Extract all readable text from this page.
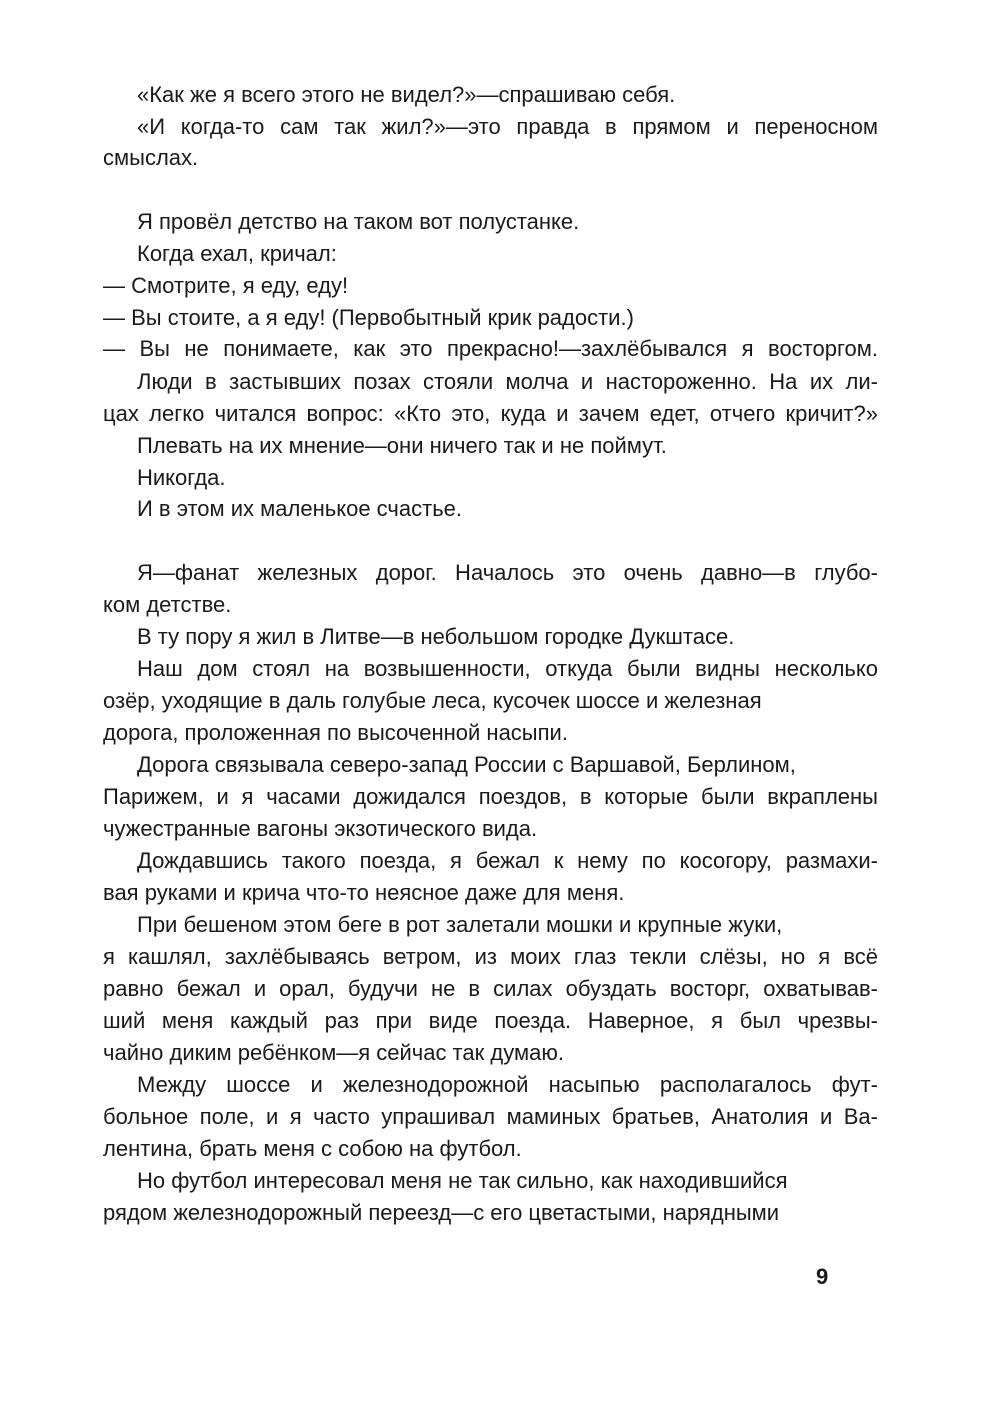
«Как же я всего этого не видел?»—спрашиваю себя.
«И когда-то сам так жил?»—это правда в прямом и переносном
смыслах.
Я провёл детство на таком вот полустанке.
Когда ехал, кричал:
— Смотрите, я еду, еду!
— Вы стоите, а я еду! (Первобытный крик радости.)
— Вы не понимаете, как это прекрасно!—захлёбывался я восторгом.
Люди в застывших позах стояли молча и настороженно. На их ли-
цах легко читался вопрос: «Кто это, куда и зачем едет, отчего кричит?»
Плевать на их мнение—они ничего так и не поймут.
Никогда.
И в этом их маленькое счастье.
Я—фанат железных дорог. Началось это очень давно—в глубо-
ком детстве.
В ту пору я жил в Литве—в небольшом городке Дукштасе.
Наш дом стоял на возвышенности, откуда были видны несколько
озёр, уходящие в даль голубые леса, кусочек шоссе и железная
дорога, проложенная по высоченной насыпи.
Дорога связывала северо-запад России с Варшавой, Берлином,
Парижем, и я часами дожидался поездов, в которые были вкраплены
чужестранные вагоны экзотического вида.
Дождавшись такого поезда, я бежал к нему по косогору, размахи-
вая руками и крича что-то неясное даже для меня.
При бешеном этом беге в рот залетали мошки и крупные жуки,
я кашлял, захлёбываясь ветром, из моих глаз текли слёзы, но я всё
равно бежал и орал, будучи не в силах обуздать восторг, охватывав-
ший меня каждый раз при виде поезда. Наверное, я был чрезвы-
чайно диким ребёнком—я сейчас так думаю.
Между шоссе и железнодорожной насыпью располагалось фут-
больное поле, и я часто упрашивал маминых братьев, Анатолия и Ва-
лентина, брать меня с собою на футбол.
Но футбол интересовал меня не так сильно, как находившийся
рядом железнодорожный переезд—с его цветастыми, нарядными
9
